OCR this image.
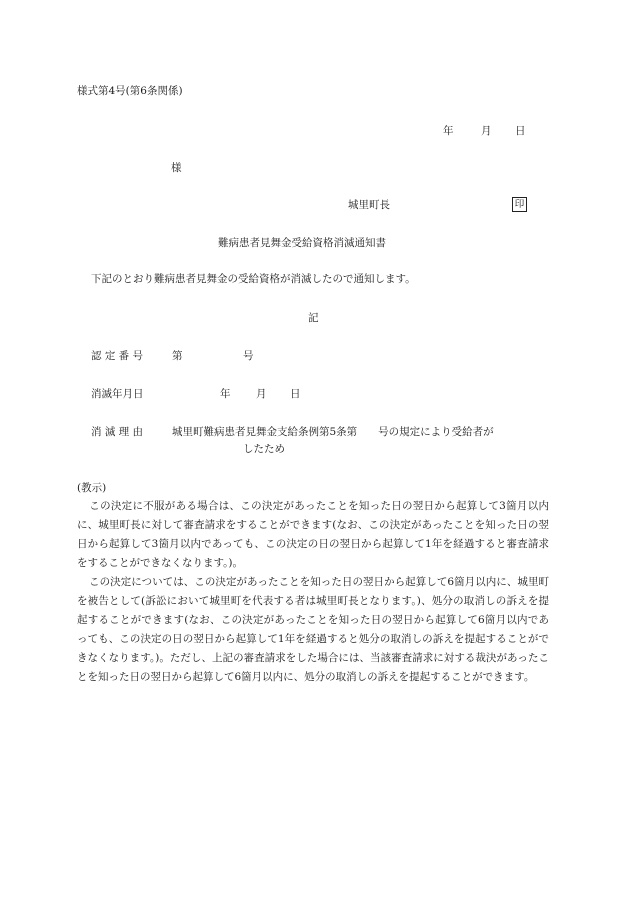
様式第4号(第6条関係)
年	月 日
様
城里町長	印
難病患者見舞金受給資格消滅通知書
下記のとおり難病患者見舞金の受給資格が消滅したので通知します。
記
認 定 番 号	第	号
消滅年月日	年 月 日
消 滅 理 由	城里町難病患者見舞金支給条例第5条第　　号の規定により受給者が
したため
(教示)
この決定に不服がある場合は、この決定があったことを知った日の翌日から起算して3箇月以内に、城里町長に対して審査請求をすることができます(なお、この決定があったことを知った日の翌日から起算して3箇月以内であっても、この決定の日の翌日から起算して1年を経過すると審査請求をすることができなくなります。)。
この決定については、この決定があったことを知った日の翌日から起算して6箇月以内に、城里町を被告として(訴訟において城里町を代表する者は城里町長となります。)、処分の取消しの訴えを提起することができます(なお、この決定があったことを知った日の翌日から起算して6箇月以内であっても、この決定の日の翌日から起算して1年を経過すると処分の取消しの訴えを提起することができなくなります。)。ただし、上記の審査請求をした場合には、当該審査請求に対する裁決があったことを知った日の翌日から起算して6箇月以内に、処分の取消しの訴えを提起することができます。
